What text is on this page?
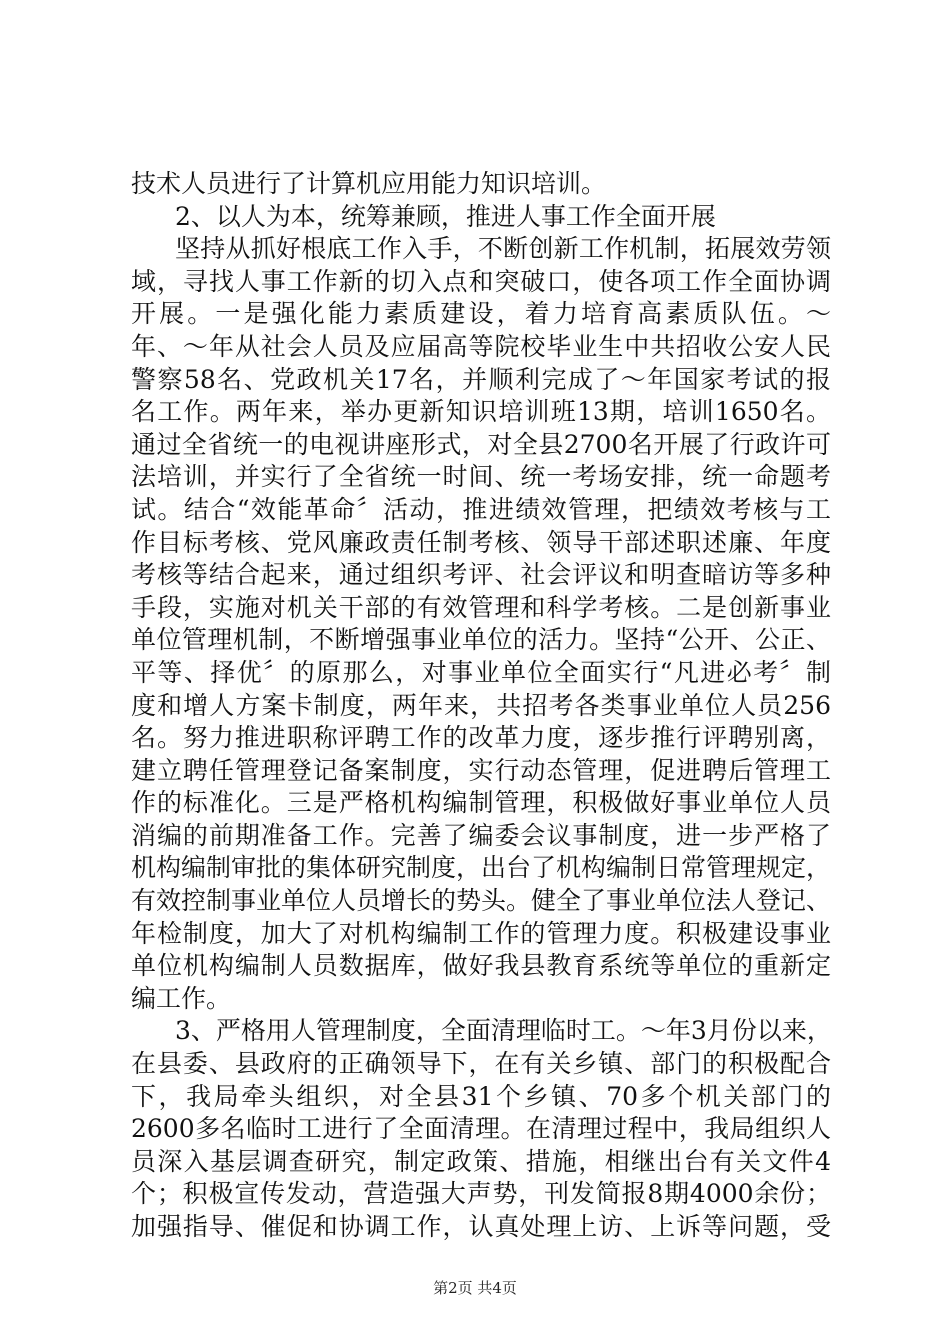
技术人员进行了计算机应用能力知识培训。
2、以人为本，统筹兼顾，推进人事工作全面开展
坚持从抓好根底工作入手，不断创新工作机制，拓展效劳领
域，寻找人事工作新的切入点和突破口，使各项工作全面协调
开展。一是强化能力素质建设，着力培育高素质队伍。～
年、～年从社会人员及应届高等院校毕业生中共招收公安人民
警察58名、党政机关17名，并顺利完成了～年国家考试的报
名工作。两年来，举办更新知识培训班13期，培训1650名。
通过全省统一的电视讲座形式，对全县2700名开展了行政许可
法培训，并实行了全省统一时间、统一考场安排，统一命题考
试。结合“效能革命〞活动，推进绩效管理，把绩效考核与工
作目标考核、党风廉政责任制考核、领导干部述职述廉、年度
考核等结合起来，通过组织考评、社会评议和明查暗访等多种
手段，实施对机关干部的有效管理和科学考核。二是创新事业
单位管理机制，不断增强事业单位的活力。坚持“公开、公正、
平等、择优〞的原那么，对事业单位全面实行“凡进必考〞制
度和增人方案卡制度，两年来，共招考各类事业单位人员256
名。努力推进职称评聘工作的改革力度，逐步推行评聘别离，
建立聘任管理登记备案制度，实行动态管理，促进聘后管理工
作的标准化。三是严格机构编制管理，积极做好事业单位人员
消编的前期准备工作。完善了编委会议事制度，进一步严格了
机构编制审批的集体研究制度，出台了机构编制日常管理规定，
有效控制事业单位人员增长的势头。健全了事业单位法人登记、
年检制度，加大了对机构编制工作的管理力度。积极建设事业
单位机构编制人员数据库，做好我县教育系统等单位的重新定
编工作。
3、严格用人管理制度，全面清理临时工。～年3月份以来，
在县委、县政府的正确领导下，在有关乡镇、部门的积极配合
下，我局牵头组织，对全县31个乡镇、70多个机关部门的
2600多名临时工进行了全面清理。在清理过程中，我局组织人
员深入基层调查研究，制定政策、措施，相继出台有关文件4
个；积极宣传发动，营造强大声势，刊发简报8期4000余份；
加强指导、催促和协调工作，认真处理上访、上诉等问题，受
第2页 共4页
